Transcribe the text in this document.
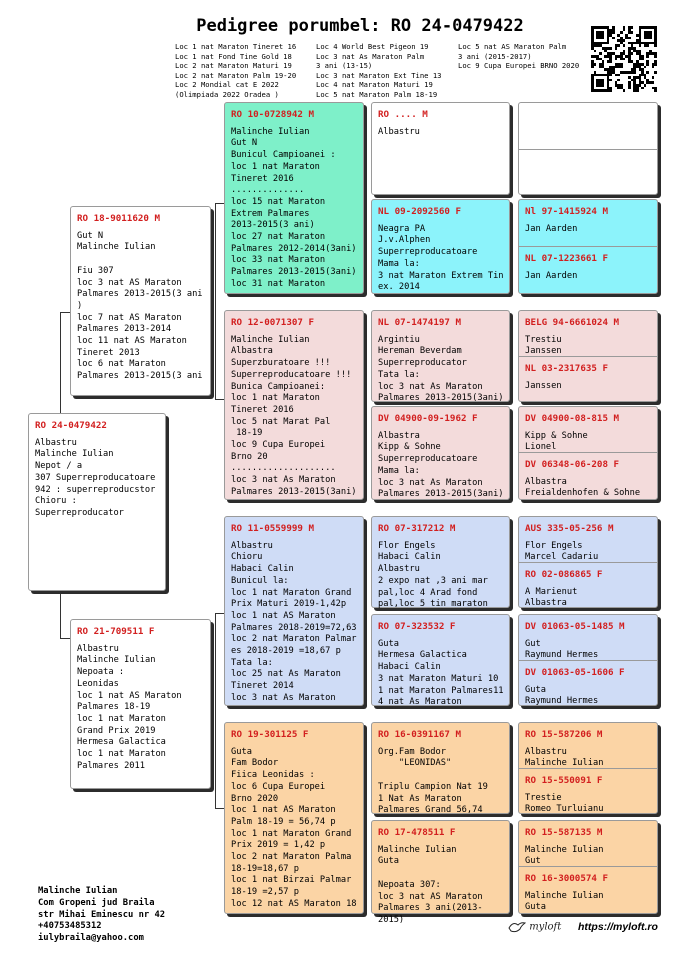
Pedigree porumbel: RO 24-0479422
Loc 1 nat Maraton Tineret 16
Loc 1 nat Fond Tine Gold 18
Loc 2 nat Maraton Maturi 19
Loc 2 nat Maraton Palm 19-20
Loc 2 Mondial cat E 2022
(Olimpiada 2022 Oradea )
Loc 4 World Best Pigeon 19
Loc 3 nat As Maraton Palm
3 ani (13-15)
Loc 3 nat Maraton Ext Tine 13
Loc 4 nat Maraton Maturi 19
Loc 5 nat Maraton Palm 18-19
Loc 5 nat AS Maraton Palm
3 ani (2015-2017)
Loc 9 Cupa Europei BRNO 2020
RO 24-0479422
Albastru
Malinche Iulian
Nepot / a
307 Superreproducatoare
942 : superreproducstor
Chioru :
Superreproducator
RO 18-9011620 M
Gut N
Malinche Iulian

Fiu 307
loc 3 nat AS Maraton
Palmares 2013-2015(3 ani
)
loc 7 nat AS Maraton
Palmares 2013-2014
loc 11 nat AS Maraton
Tineret 2013
loc 6 nat Maraton
Palmares 2013-2015(3 ani
RO 21-709511 F
Albastru
Malinche Iulian
Nepoata :
Leonidas
loc 1 nat AS Maraton
Palmares 18-19
loc 1 nat Maraton
Grand Prix 2019
Hermesa Galactica
loc 1 nat Maraton
Palmares 2011
RO 10-0728942 M
Malinche Iulian
Gut N
Bunicul Campioanei :
loc 1 nat Maraton
Tineret 2016
..............
loc 15 nat Maraton
Extrem Palmares
2013-2015(3 ani)
loc 27 nat Maraton
Palmares 2012-2014(3ani)
loc 33 nat Maraton
Palmares 2013-2015(3ani)
loc 31 nat Maraton
RO 12-0071307 F
Malinche Iulian
Albastra
Superzburatoare !!!
Superreproducatoare !!!
Bunica Campioanei:
loc 1 nat Maraton
Tineret 2016
loc 5 nat Marat Pal
18-19
loc 9 Cupa Europei
Brno 20
....................
loc 3 nat As Maraton
Palmares 2013-2015(3ani)
RO 11-0559999 M
Albastru
Chioru
Habaci Calin
Bunicul la:
loc 1 nat Maraton Grand
Prix Maturi 2019-1,42p
loc 1 nat AS Maraton
Palmares 2018-2019=72,63
loc 2 nat Maraton Palmar
es 2018-2019 =18,67 p
Tata la:
loc 25 nat As Maraton
Tineret 2014
loc 3 nat As Maraton
RO 19-301125 F
Guta
Fam Bodor
Fiica Leonidas :
loc 6 Cupa Europei
Brno 2020
loc 1 nat AS Maraton
Palm 18-19 = 56,74 p
loc 1 nat Maraton Grand
Prix 2019 = 1,42 p
loc 2 nat Maraton Palma
18-19=18,67 p
loc 1 nat Birzai Palmar
18-19 =2,57 p
loc 12 nat AS Maraton 18
RO .... M
Albastru
NL 09-2092560 F
Neagra PA
J.v.Alphen
Superreproducatoare
Mama la:
3 nat Maraton Extrem Tin
ex. 2014
NL 07-1474197 M
Argintiu
Hereman Beverdam
Superreproducator
Tata la:
loc 3 nat As Maraton
Palmares 2013-2015(3ani)
DV 04900-09-1962 F
Albastra
Kipp & Sohne
Superreproducatoare
Mama la:
loc 3 nat As Maraton
Palmares 2013-2015(3ani)
RO 07-317212 M
Flor Engels
Habaci Calin
Albastru
2 expo nat ,3 ani mar
pal,loc 4 Arad fond
pal,loc 5 tin maraton
RO 07-323532 F
Guta
Hermesa Galactica
Habaci Calin
3 nat Maraton Maturi 10
1 nat Maraton Palmares11
4 nat As Maraton
RO 16-0391167 M
Org.Fam Bodor
"LEONIDAS"

Triplu Campion Nat 19
1 Nat As Maraton
Palmares Grand 56,74
RO 17-478511 F
Malinche Iulian
Guta

Nepoata 307:
loc 3 nat AS Maraton
Palmares 3 ani(2013-2015)
Nl 97-1415924 M
Jan Aarden
NL 07-1223661 F
Jan Aarden
BELG 94-6661024 M
Trestiu
Janssen
NL 03-2317635 F
Janssen
DV 04900-08-815 M
Kipp & Sohne
Lionel
DV 06348-06-208 F
Albastra
Freialdenhofen & Sohne
AUS 335-05-256 M
Flor Engels
Marcel Cadariu
RO 02-086865 F
A Marienut
Albastra
DV 01063-05-1485 M
Gut
Raymund Hermes
DV 01063-05-1606 F
Guta
Raymund Hermes
RO 15-587206 M
Albastru
Malinche Iulian
RO 15-550091 F
Trestie
Romeo Turluianu
RO 15-587135 M
Malinche Iulian
Gut
RO 16-3000574 F
Malinche Iulian
Guta
Malinche Iulian
Com Gropeni jud Braila
str Mihai Eminescu nr 42
+40753485312
iulybraila@yahoo.com
myloft https://myloft.ro
